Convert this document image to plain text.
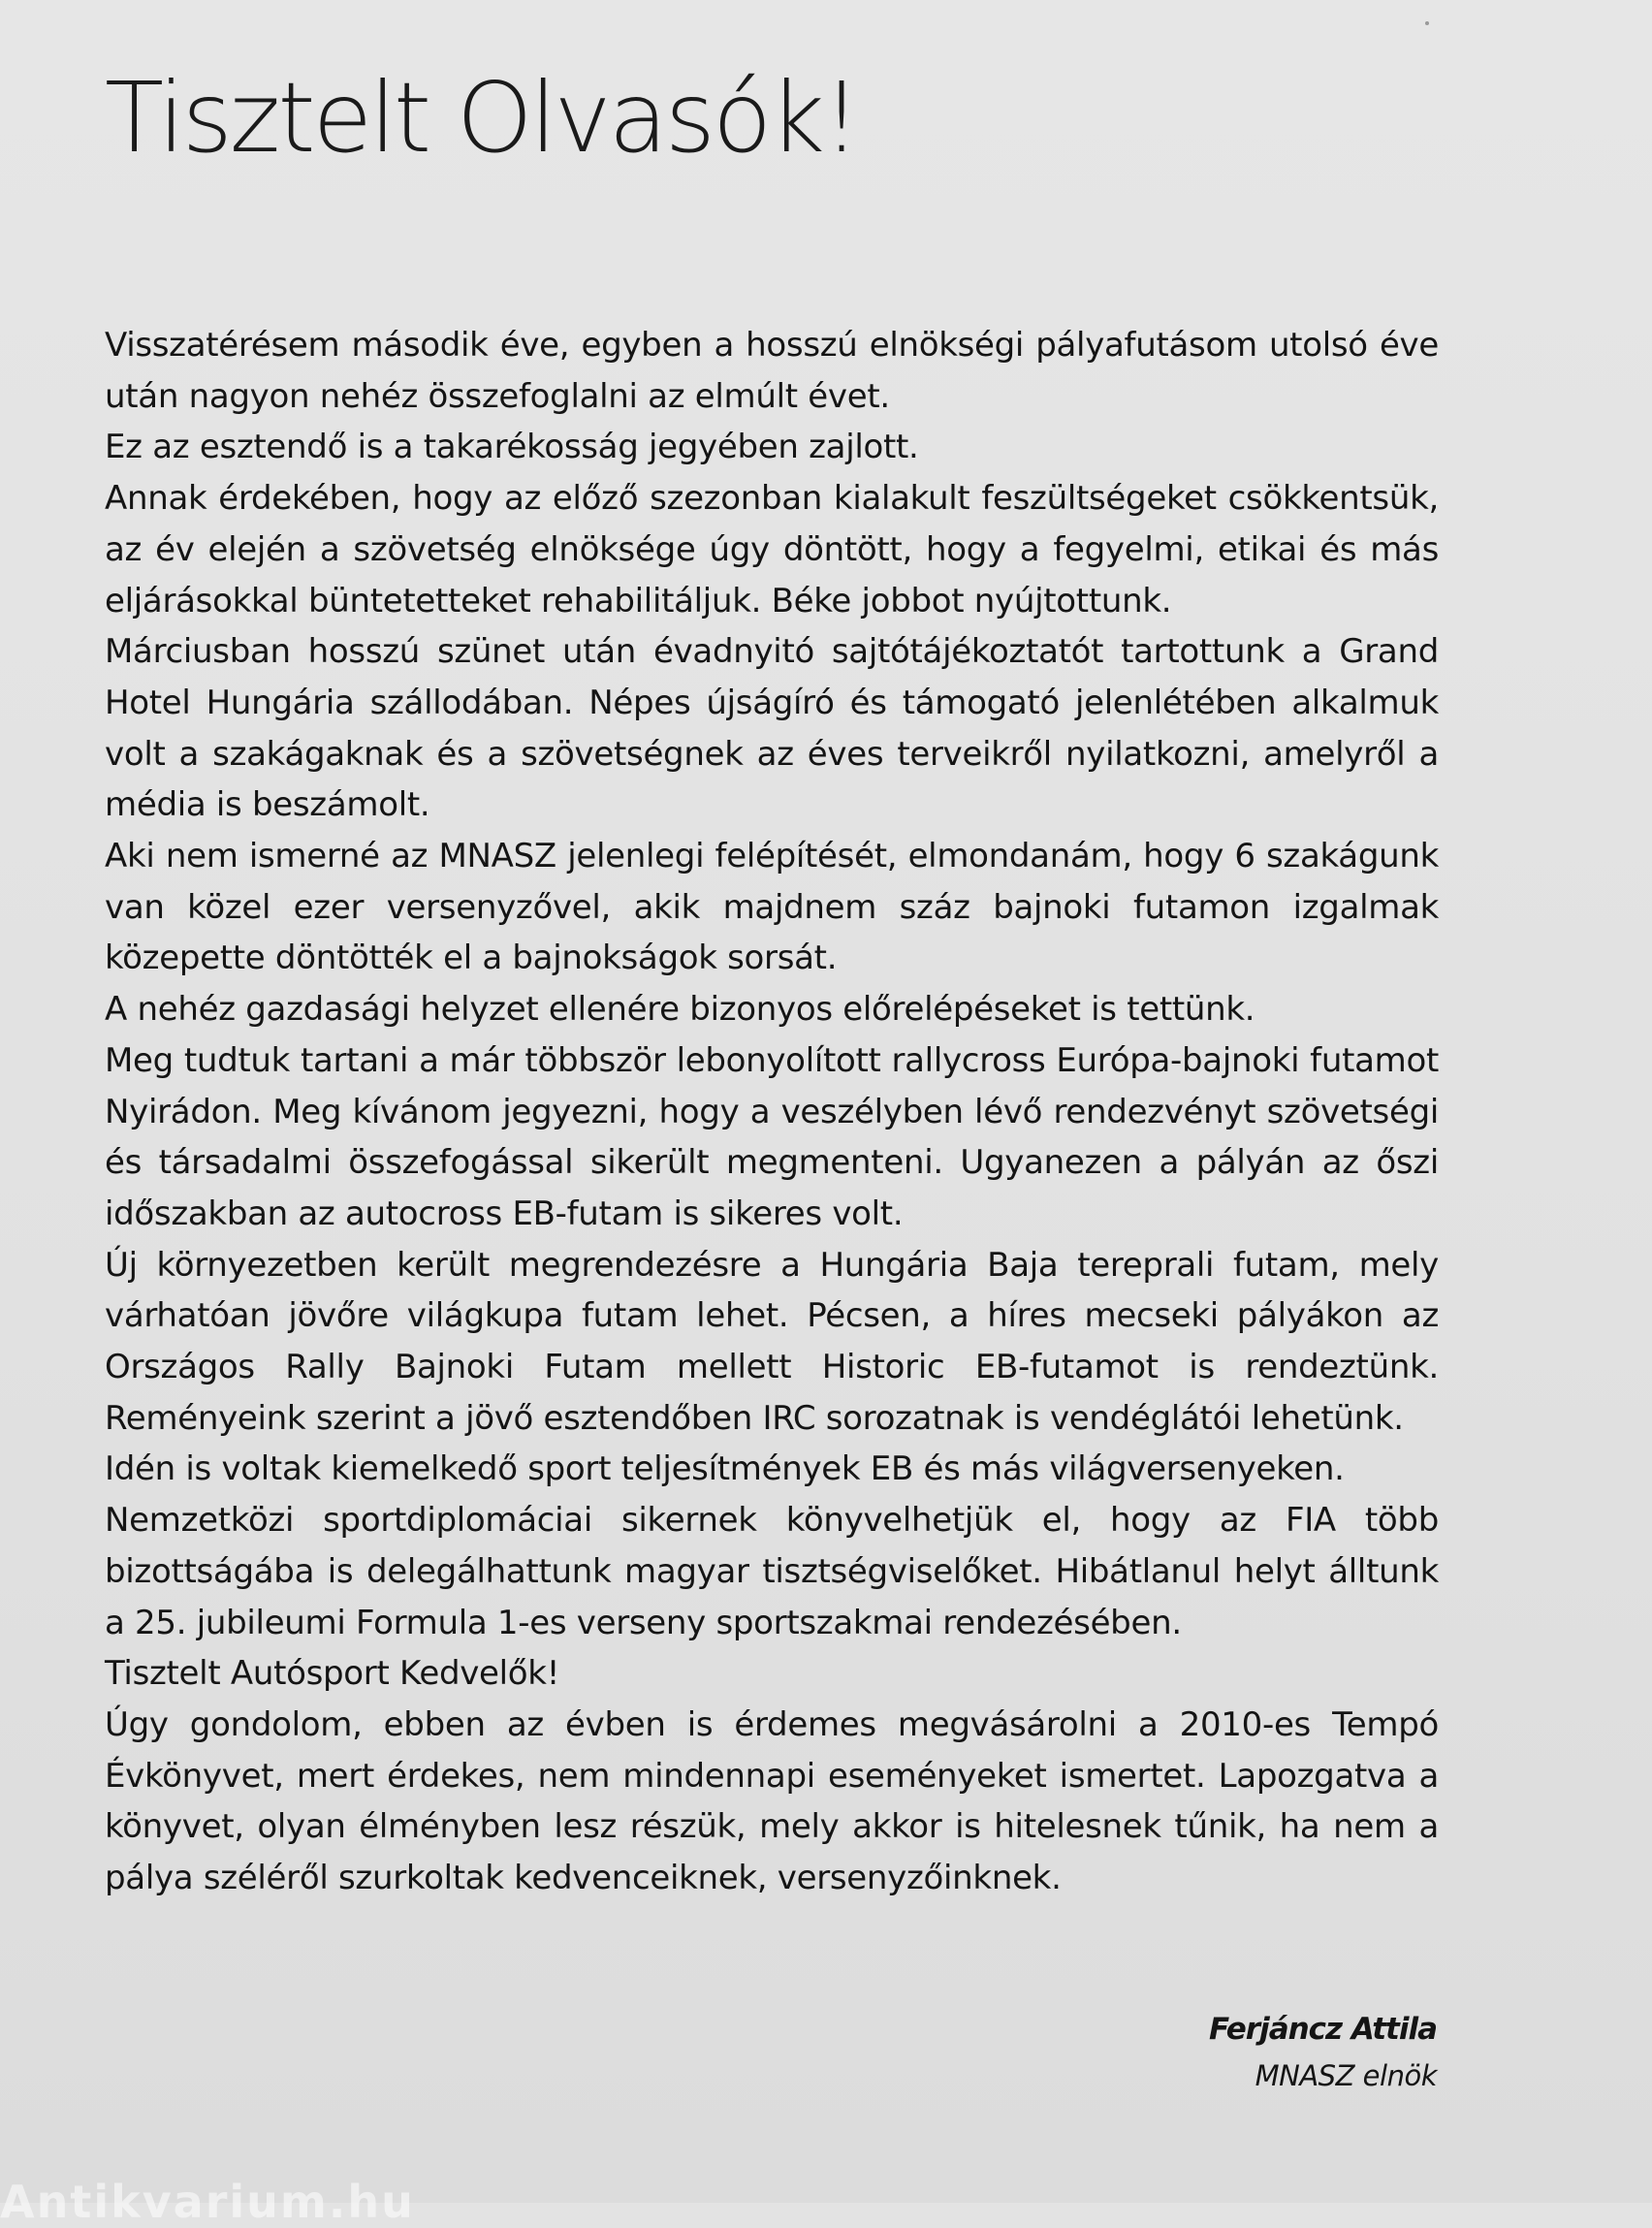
Tisztelt Olvasók!

Visszatérésem második éve, egyben a hosszú elnökségi pályafutásom utolsó éve után nagyon nehéz összefoglalni az elmúlt évet.

Ez az esztendő is a takarékosság jegyében zajlott.

Annak érdekében, hogy az előző szezonban kialakult feszültségeket csökkentsük, az év elején a szövetség elnöksége úgy döntött, hogy a fegyelmi, etikai és más eljárásokkal büntetetteket rehabilitáljuk. Béke jobbot nyújtottunk.

Márciusban hosszú szünet után évadnyitó sajtótájékoztatót tartottunk a Grand Hotel Hungária szállodában. Népes újságíró és támogató jelenlétében alkalmuk volt a szakágaknak és a szövetségnek az éves terveikről nyilatkozni, amelyről a média is beszámolt.

Aki nem ismerné az MNASZ jelenlegi felépítését, elmondanám, hogy 6 szakágunk van közel ezer versenyzővel, akik majdnem száz bajnoki futamon izgalmak közepette döntötték el a bajnokságok sorsát.

A nehéz gazdasági helyzet ellenére bizonyos előrelépéseket is tettünk.

Meg tudtuk tartani a már többször lebonyolított rallycross Európa-bajnoki futamot Nyirádon. Meg kívánom jegyezni, hogy a veszélyben lévő rendezvényt szövetségi és társadalmi összefogással sikerült megmenteni. Ugyanezen a pályán az őszi időszakban az autocross EB-futam is sikeres volt.

Új környezetben került megrendezésre a Hungária Baja tereprali futam, mely várhatóan jövőre világkupa futam lehet. Pécsen, a híres mecseki pályákon az Országos Rally Bajnoki Futam mellett Historic EB-futamot is rendeztünk. Reményeink szerint a jövő esztendőben IRC sorozatnak is vendéglátói lehetünk.

Idén is voltak kiemelkedő sport teljesítmények EB és más világversenyeken.

Nemzetközi sportdiplomáciai sikernek könyvelhetjük el, hogy az FIA több bizottságába is delegálhattunk magyar tisztségviselőket. Hibátlanul helyt álltunk a 25. jubileumi Formula 1-es verseny sportszakmai rendezésében.

Tisztelt Autósport Kedvelők!

Úgy gondolom, ebben az évben is érdemes megvásárolni a 2010-es Tempó Évkönyvet, mert érdekes, nem mindennapi eseményeket ismertet. Lapozgatva a könyvet, olyan élményben lesz részük, mely akkor is hitelesnek tűnik, ha nem a pálya széléről szurkoltak kedvenceiknek, versenyzőinknek.

Ferjáncz Attila
MNASZ elnök
Antikvarium.hu
